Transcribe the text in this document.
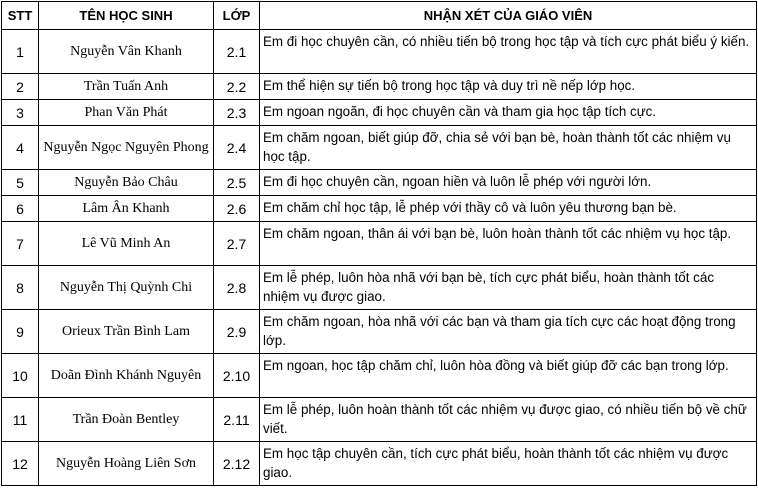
STT	TÊN HỌC SINH	LỚP	NHẬN XÉT CỦA GIÁO VIÊN
1	Nguyễn Vân Khanh	2.1	Em đi học chuyên cần, có nhiều tiến bộ trong học tập và tích cực phát biểu ý kiến.
2	Trần Tuấn Anh	2.2	Em thể hiện sự tiến bộ trong học tập và duy trì nề nếp lớp học.
3	Phan Văn Phát	2.3	Em ngoan ngoãn, đi học chuyên cần và tham gia học tập tích cực.
4	Nguyễn Ngọc Nguyên Phong	2.4	Em chăm ngoan, biết giúp đỡ, chia sẻ với bạn bè, hoàn thành tốt các nhiệm vụ học tập.
5	Nguyễn Bảo Châu	2.5	Em đi học chuyên cần, ngoan hiền và luôn lễ phép với người lớn.
6	Lâm Ân Khanh	2.6	Em chăm chỉ học tập, lễ phép với thầy cô và luôn yêu thương bạn bè.
7	Lê Vũ Minh An	2.7	Em chăm ngoan, thân ái với bạn bè, luôn hoàn thành tốt các nhiệm vụ học tập.
8	Nguyễn Thị Quỳnh Chi	2.8	Em lễ phép, luôn hòa nhã với bạn bè, tích cực phát biểu, hoàn thành tốt các nhiệm vụ được giao.
9	Orieux Trần Bình Lam	2.9	Em chăm ngoan, hòa nhã với các bạn và tham gia tích cực các hoạt động trong lớp.
10	Doãn Đình Khánh Nguyên	2.10	Em ngoan, học tập chăm chỉ, luôn hòa đồng và biết giúp đỡ các bạn trong lớp.
11	Trần Đoàn Bentley	2.11	Em lễ phép, luôn hoàn thành tốt các nhiệm vụ được giao, có nhiều tiến bộ về chữ viết.
12	Nguyễn Hoàng Liên Sơn	2.12	Em học tập chuyên cần, tích cực phát biểu, hoàn thành tốt các nhiệm vụ được giao.
